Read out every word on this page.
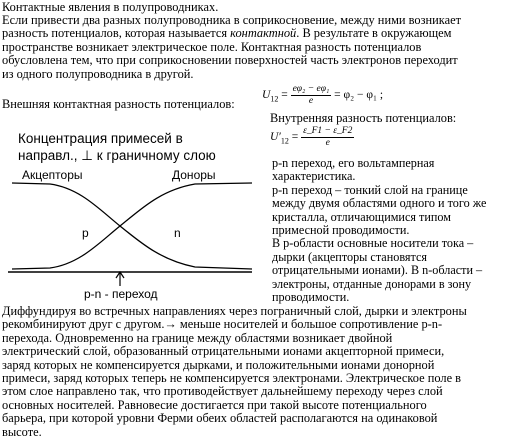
Контактные явления в полупроводниках.
Если привести два разных полупроводника в соприкосновение, между ними возникает
разность потенциалов, которая называется контактной. В результате в окружающем
пространстве возникает электрическое поле. Контактная разность потенциалов
обусловлена тем, что при соприкосновении поверхностей часть электронов переходит
из одного полупроводника в другой.
Внешняя контактная разность потенциалов:
$U_{12} = \frac{\text{eφ₂ − eφ₁}}{e} = \varphi_2 - \varphi_1$ ;
Внутренняя разность потенциалов:
$U'_{12} = \frac{\varepsilon\_F1 - \varepsilon\_F2}{e}$
Концентрация примесей в
направл., ⊥ к граничному слою
Акцепторы	Доноры
p	n
p-n - переход
p-n переход, его вольтамперная
характеристика.
p-n переход – тонкий слой на границе
между двумя областями одного и того же
кристалла, отличающимися типом
примесной проводимости.
В p-области основные носители тока –
дырки (акцепторы становятся
отрицательными ионами). В n-области –
электроны, отданные донорами в зону
проводимости.
Диффундируя во встречных направлениях через пограничный слой, дырки и электроны
рекомбинируют друг с другом.→ меньше носителей и большое сопротивление p-n-
перехода. Одновременно на границе между областями возникает двойной
электрический слой, образованный отрицательными ионами акцепторной примеси,
заряд которых не компенсируется дырками, и положительными ионами донорной
примеси, заряд которых теперь не компенсируется электронами. Электрическое поле в
этом слое направлено так, что противодействует дальнейшему переходу через слой
основных носителей. Равновесие достигается при такой высоте потенциального
барьера, при которой уровни Ферми обеих областей располагаются на одинаковой
высоте.
